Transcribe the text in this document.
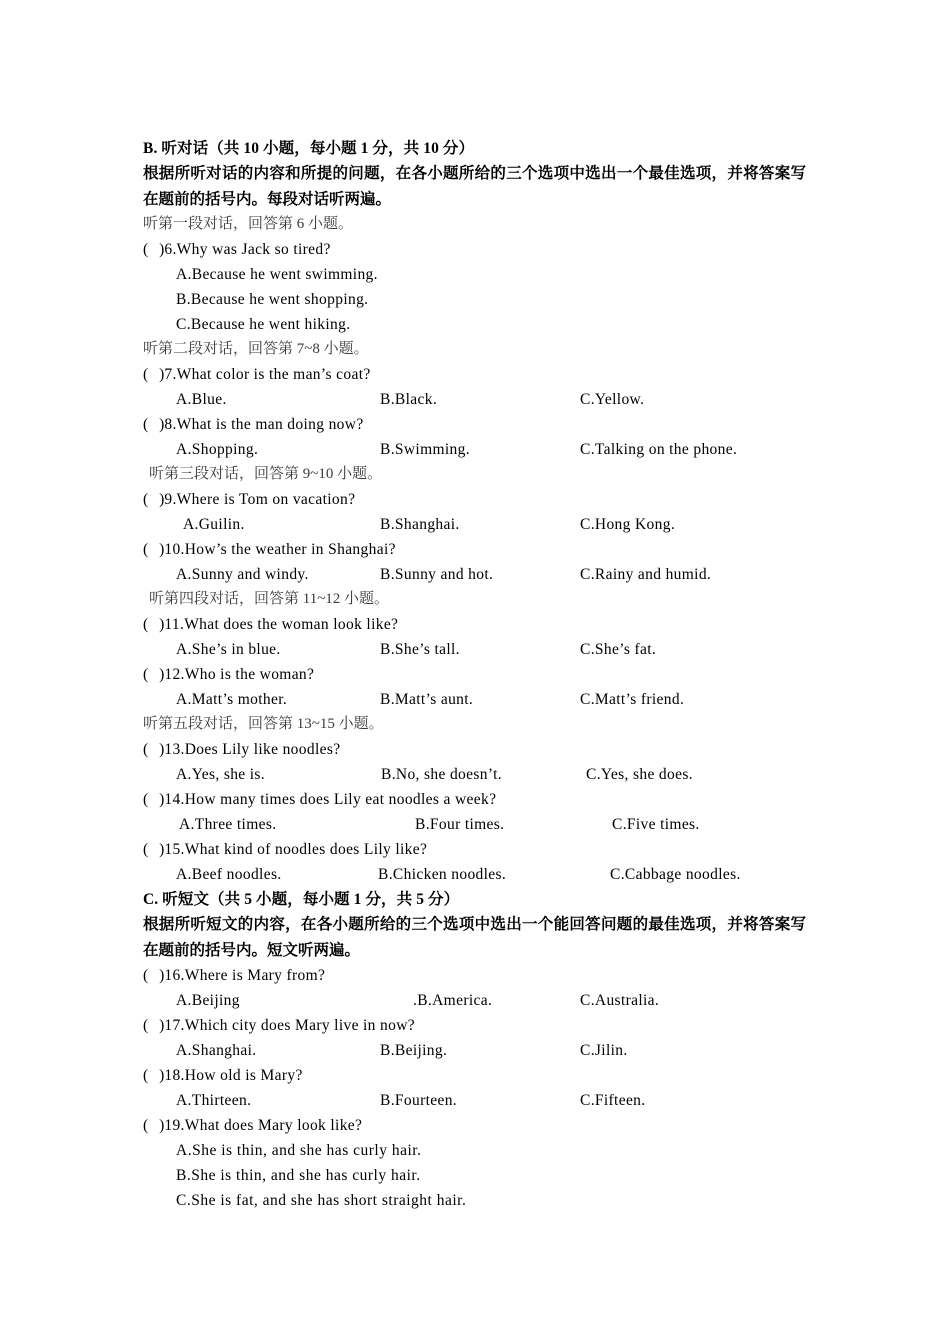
B. 听对话（共 10 小题，每小题 1 分，共 10 分）
根据所听对话的内容和所提的问题，在各小题所给的三个选项中选出一个最佳选项，并将答案写在题前的括号内。每段对话听两遍。
听第一段对话，回答第 6 小题。
( )6.Why was Jack so tired?
A.Because he went swimming.
B.Because he went shopping.
C.Because he went hiking.
听第二段对话，回答第 7~8 小题。
( )7.What color is the man’s coat?
A.Blue.	B.Black.	C.Yellow.
( )8.What is the man doing now?
A.Shopping.	B.Swimming.	C.Talking on the phone.
听第三段对话，回答第 9~10 小题。
( )9.Where is Tom on vacation?
A.Guilin.	B.Shanghai.	C.Hong Kong.
( )10.How’s the weather in Shanghai?
A.Sunny and windy.	B.Sunny and hot.	C.Rainy and humid.
听第四段对话，回答第 11~12 小题。
( )11.What does the woman look like?
A.She’s in blue.	B.She’s tall.	C.She’s fat.
( )12.Who is the woman?
A.Matt’s mother.	B.Matt’s aunt.	C.Matt’s friend.
听第五段对话，回答第 13~15 小题。
( )13.Does Lily like noodles?
A.Yes, she is.	B.No, she doesn’t.	C.Yes, she does.
( )14.How many times does Lily eat noodles a week?
A.Three times.	B.Four times.	C.Five times.
( )15.What kind of noodles does Lily like?
A.Beef noodles.	B.Chicken noodles.	C.Cabbage noodles.
C. 听短文（共 5 小题，每小题 1 分，共 5 分）
根据所听短文的内容，在各小题所给的三个选项中选出一个能回答问题的最佳选项，并将答案写在题前的括号内。短文听两遍。
( )16.Where is Mary from?
A.Beijing	.B.America.	C.Australia.
( )17.Which city does Mary live in now?
A.Shanghai.	B.Beijing.	C.Jilin.
( )18.How old is Mary?
A.Thirteen.	B.Fourteen.	C.Fifteen.
( )19.What does Mary look like?
A.She is thin, and she has curly hair.
B.She is thin, and she has curly hair.
C.She is fat, and she has short straight hair.
